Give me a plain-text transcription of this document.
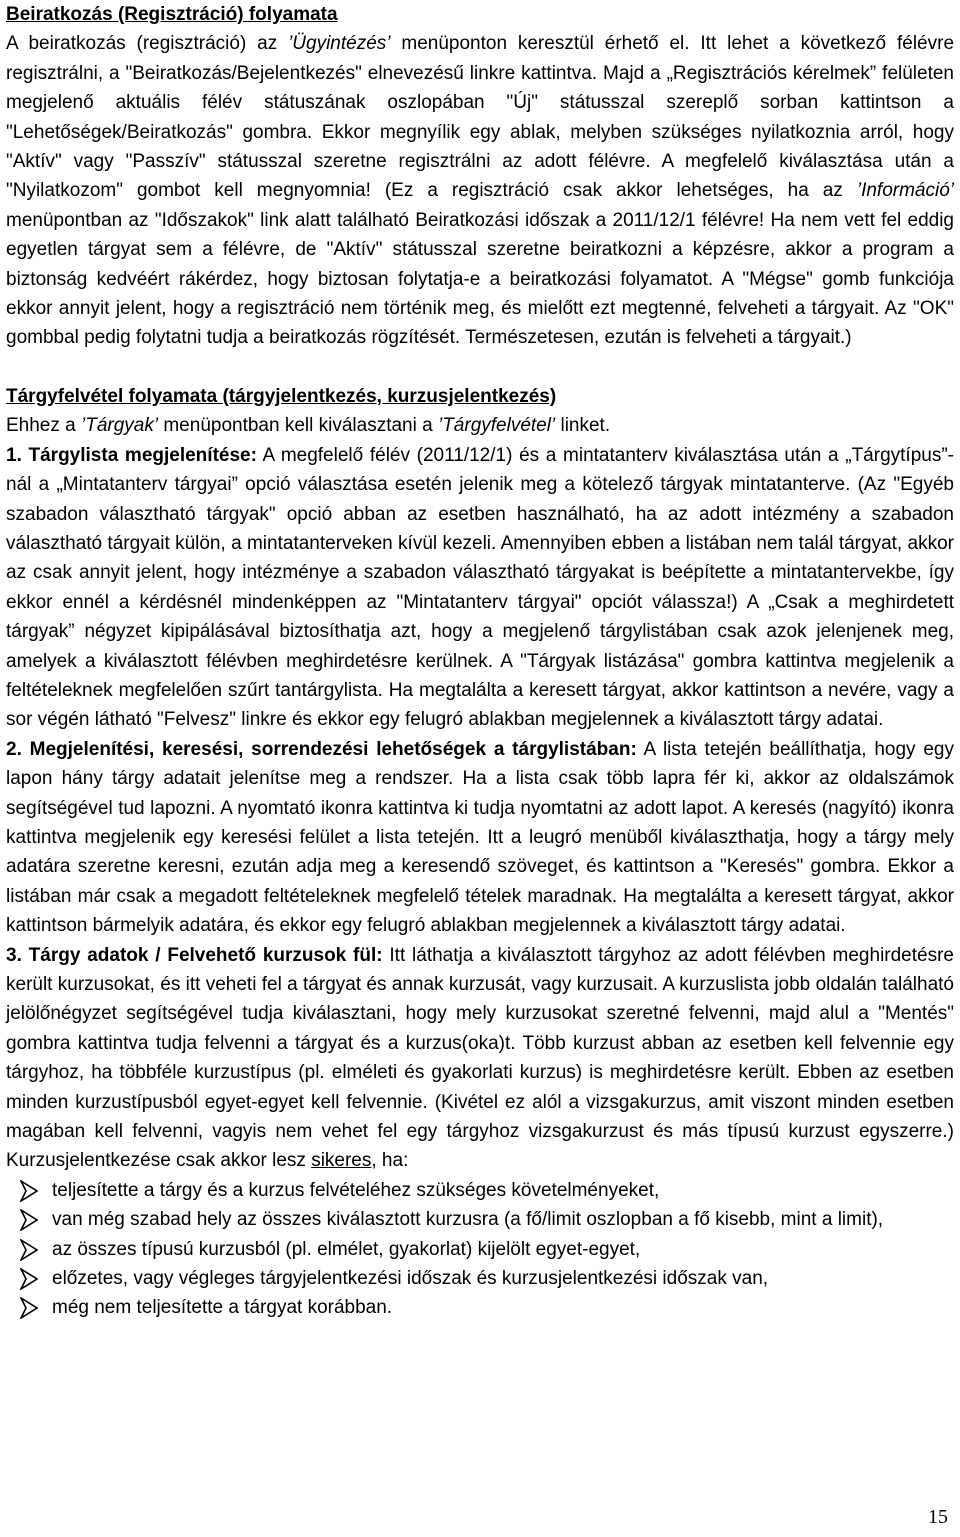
Beiratkozás (Regisztráció) folyamata

A beiratkozás (regisztráció) az ’Ügyintézés’ menüponton keresztül érhető el. Itt lehet a következő félévre regisztrálni, a "Beiratkozás/Bejelentkezés" elnevezésű linkre kattintva. Majd a „Regisztrációs kérelmek” felületen megjelenő aktuális félév státuszának oszlopában "Új" státusszal szereplő sorban kattintson a "Lehetőségek/Beiratkozás" gombra. Ekkor megnyílik egy ablak, melyben szükséges nyilatkoznia arról, hogy "Aktív" vagy "Passzív" státusszal szeretne regisztrálni az adott félévre. A megfelelő kiválasztása után a "Nyilatkozom" gombot kell megnyomnia! (Ez a regisztráció csak akkor lehetséges, ha az ’Információ’ menüpontban az "Időszakok" link alatt található Beiratkozási időszak a 2011/12/1 félévre! Ha nem vett fel eddig egyetlen tárgyat sem a félévre, de "Aktív" státusszal szeretne beiratkozni a képzésre, akkor a program a biztonság kedvéért rákérdez, hogy biztosan folytatja-e a beiratkozási folyamatot. A "Mégse" gomb funkciója ekkor annyit jelent, hogy a regisztráció nem történik meg, és mielőtt ezt megtenné, felveheti a tárgyait. Az "OK" gombbal pedig folytatni tudja a beiratkozás rögzítését. Természetesen, ezután is felveheti a tárgyait.)

Tárgyfelvétel folyamata (tárgyjelentkezés, kurzusjelentkezés)

Ehhez a ’Tárgyak’ menüpontban kell kiválasztani a ’Tárgyfelvétel’ linket.

1. Tárgylista megjelenítése: A megfelelő félév (2011/12/1) és a mintatanterv kiválasztása után a „Tárgytípus”-nál a „Mintatanterv tárgyai” opció választása esetén jelenik meg a kötelező tárgyak mintatanterve. (Az "Egyéb szabadon választható tárgyak" opció abban az esetben használható, ha az adott intézmény a szabadon választható tárgyait külön, a mintatanterveken kívül kezeli. Amennyiben ebben a listában nem talál tárgyat, akkor az csak annyit jelent, hogy intézménye a szabadon választható tárgyakat is beépítette a mintatantervekbe, így ekkor ennél a kérdésnél mindenképpen az "Mintatanterv tárgyai" opciót válassza!) A „Csak a meghirdetett tárgyak” négyzet kipipálásával biztosíthatja azt, hogy a megjelenő tárgylistában csak azok jelenjenek meg, amelyek a kiválasztott félévben meghirdetésre kerülnek. A "Tárgyak listázása" gombra kattintva megjelenik a feltételeknek megfelelően szűrt tantárgylista. Ha megtalálta a keresett tárgyat, akkor kattintson a nevére, vagy a sor végén látható "Felvesz" linkre és ekkor egy felugró ablakban megjelennek a kiválasztott tárgy adatai.

2. Megjelenítési, keresési, sorrendezési lehetőségek a tárgylistában: A lista tetején beállíthatja, hogy egy lapon hány tárgy adatait jelenítse meg a rendszer. Ha a lista csak több lapra fér ki, akkor az oldalszámok segítségével tud lapozni. A nyomtató ikonra kattintva ki tudja nyomtatni az adott lapot. A keresés (nagyító) ikonra kattintva megjelenik egy keresési felület a lista tetején. Itt a leugró menüből kiválaszthatja, hogy a tárgy mely adatára szeretne keresni, ezután adja meg a keresendő szöveget, és kattintson a "Keresés" gombra. Ekkor a listában már csak a megadott feltételeknek megfelelő tételek maradnak. Ha megtalálta a keresett tárgyat, akkor kattintson bármelyik adatára, és ekkor egy felugró ablakban megjelennek a kiválasztott tárgy adatai.

3. Tárgy adatok / Felvehető kurzusok fül: Itt láthatja a kiválasztott tárgyhoz az adott félévben meghirdetésre került kurzusokat, és itt veheti fel a tárgyat és annak kurzusát, vagy kurzusait. A kurzuslista jobb oldalán található jelölőnégyzet segítségével tudja kiválasztani, hogy mely kurzusokat szeretné felvenni, majd alul a "Mentés" gombra kattintva tudja felvenni a tárgyat és a kurzus(oka)t. Több kurzust abban az esetben kell felvennie egy tárgyhoz, ha többféle kurzustípus (pl. elméleti és gyakorlati kurzus) is meghirdetésre került. Ebben az esetben minden kurzustípusból egyet-egyet kell felvennie. (Kivétel ez alól a vizsgakurzus, amit viszont minden esetben magában kell felvenni, vagyis nem vehet fel egy tárgyhoz vizsgakurzust és más típusú kurzust egyszerre.) Kurzusjelentkezése csak akkor lesz sikeres, ha:

teljesítette a tárgy és a kurzus felvételéhez szükséges követelményeket,
van még szabad hely az összes kiválasztott kurzusra (a fő/limit oszlopban a fő kisebb, mint a limit),
az összes típusú kurzusból (pl. elmélet, gyakorlat) kijelölt egyet-egyet,
előzetes, vagy végleges tárgyjelentkezési időszak és kurzusjelentkezési időszak van,
még nem teljesítette a tárgyat korábban.
15
